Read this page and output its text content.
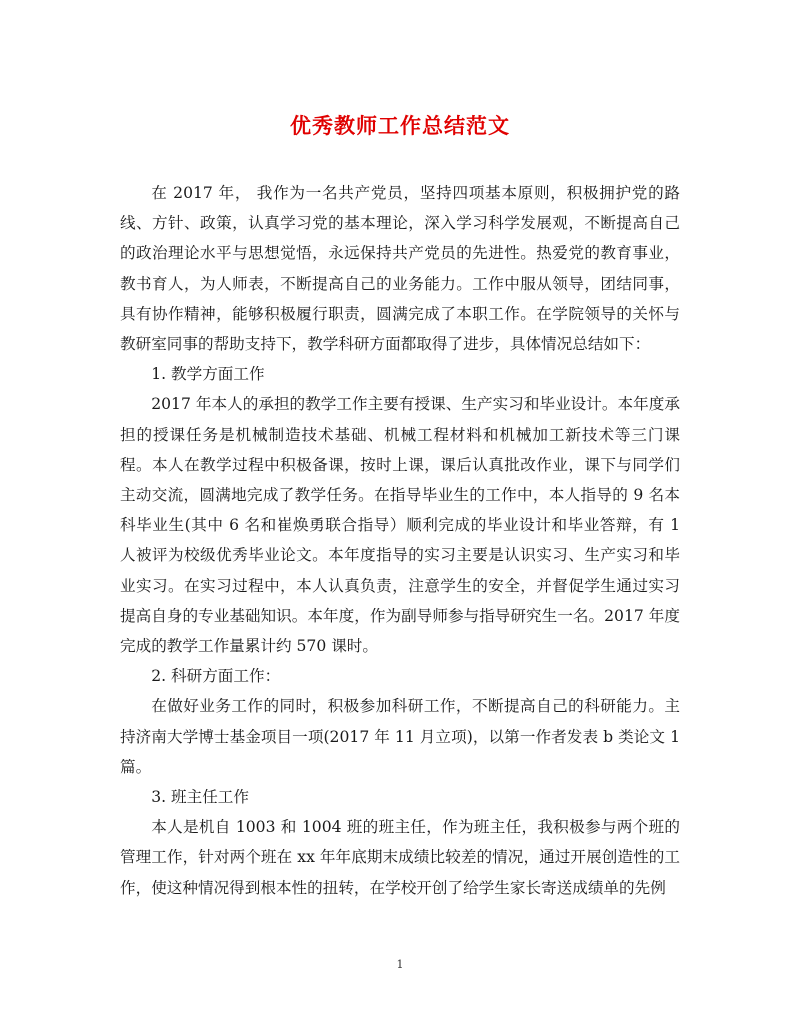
优秀教师工作总结范文

在 2017 年， 我作为一名共产党员，坚持四项基本原则，积极拥护党的路线、方针、政策，认真学习党的基本理论，深入学习科学发展观，不断提高自己的政治理论水平与思想觉悟，永远保持共产党员的先进性。热爱党的教育事业，教书育人，为人师表，不断提高自己的业务能力。工作中服从领导，团结同事，具有协作精神，能够积极履行职责，圆满完成了本职工作。在学院领导的关怀与教研室同事的帮助支持下，教学科研方面都取得了进步，具体情况总结如下：

1. 教学方面工作

2017 年本人的承担的教学工作主要有授课、生产实习和毕业设计。本年度承担的授课任务是机械制造技术基础、机械工程材料和机械加工新技术等三门课程。本人在教学过程中积极备课，按时上课，课后认真批改作业，课下与同学们主动交流，圆满地完成了教学任务。在指导毕业生的工作中，本人指导的 9 名本科毕业生(其中 6 名和崔焕勇联合指导）顺利完成的毕业设计和毕业答辩，有 1 人被评为校级优秀毕业论文。本年度指导的实习主要是认识实习、生产实习和毕业实习。在实习过程中，本人认真负责，注意学生的安全，并督促学生通过实习提高自身的专业基础知识。本年度，作为副导师参与指导研究生一名。2017 年度完成的教学工作量累计约 570 课时。

2. 科研方面工作：

在做好业务工作的同时，积极参加科研工作，不断提高自己的科研能力。主持济南大学博士基金项目一项(2017 年 11 月立项)，以第一作者发表 b 类论文 1 篇。

3. 班主任工作

本人是机自 1003 和 1004 班的班主任，作为班主任，我积极参与两个班的管理工作，针对两个班在 xx 年年底期末成绩比较差的情况，通过开展创造性的工作，使这种情况得到根本性的扭转，在学校开创了给学生家长寄送成绩单的先例

1
